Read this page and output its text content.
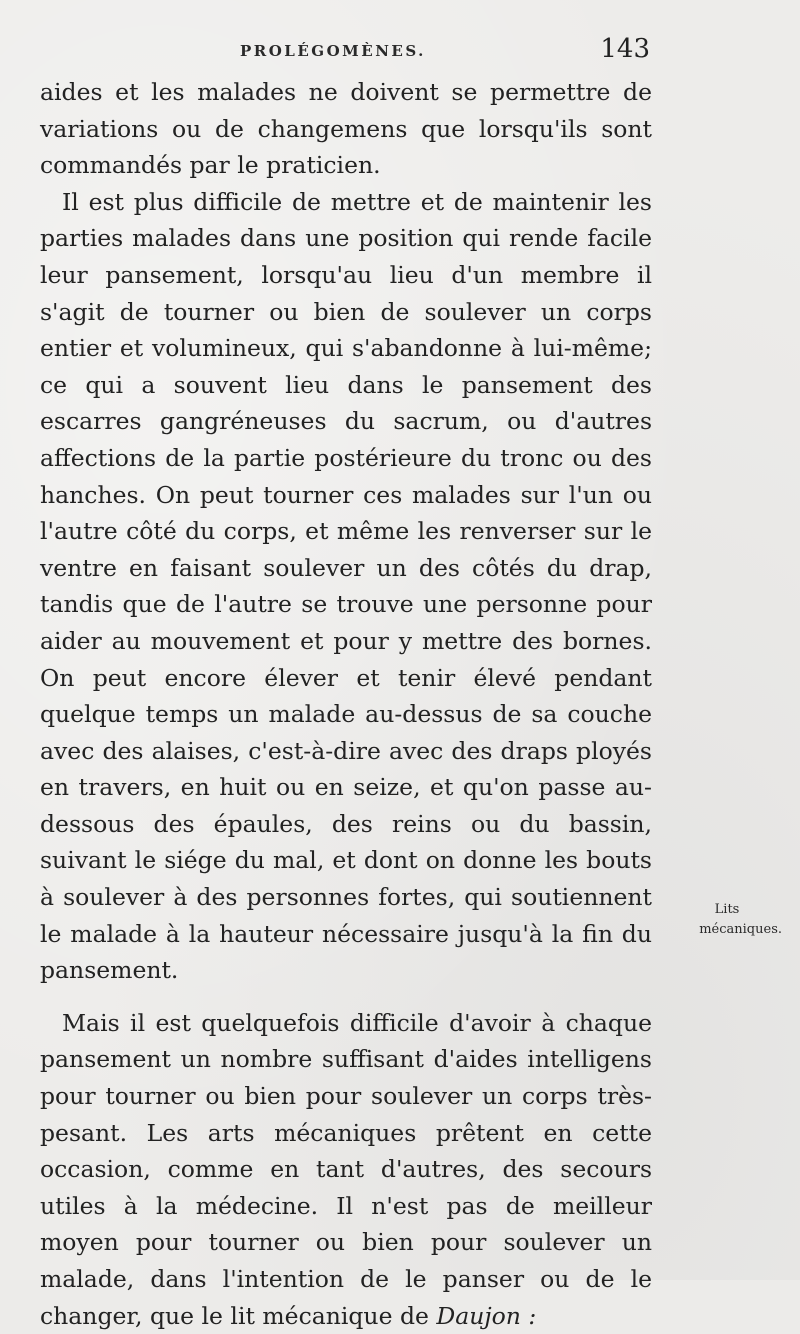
PROLÉGOMÈNES.	143

aides et les malades ne doivent se permettre de variations ou de changemens que lorsqu'ils sont commandés par le praticien.

Il est plus difficile de mettre et de maintenir les parties malades dans une position qui rende facile leur pansement, lorsqu'au lieu d'un membre il s'agit de tourner ou bien de soulever un corps entier et volumineux, qui s'abandonne à lui-même; ce qui a souvent lieu dans le pansement des escarres gangréneuses du sacrum, ou d'autres affections de la partie postérieure du tronc ou des hanches. On peut tourner ces malades sur l'un ou l'autre côté du corps, et même les renverser sur le ventre en faisant soulever un des côtés du drap, tandis que de l'autre se trouve une personne pour aider au mouvement et pour y mettre des bornes. On peut encore élever et tenir élevé pendant quelque temps un malade au-dessus de sa couche avec des alaises, c'est-à-dire avec des draps ployés en travers, en huit ou en seize, et qu'on passe au-dessous des épaules, des reins ou du bassin, suivant le siége du mal, et dont on donne les bouts à soulever à des personnes fortes, qui soutiennent le malade à la hauteur nécessaire jusqu'à la fin du pansement.

Mais il est quelquefois difficile d'avoir à chaque pansement un nombre suffisant d'aides intelligens pour tourner ou bien pour soulever un corps très-pesant. Les arts mécaniques prêtent en cette occasion, comme en tant d'autres, des secours utiles à la médecine. Il n'est pas de meilleur moyen pour tourner ou bien pour soulever un malade, dans l'intention de le panser ou de le changer, que le lit mécanique de Daujon :

Lits
mécaniques.
